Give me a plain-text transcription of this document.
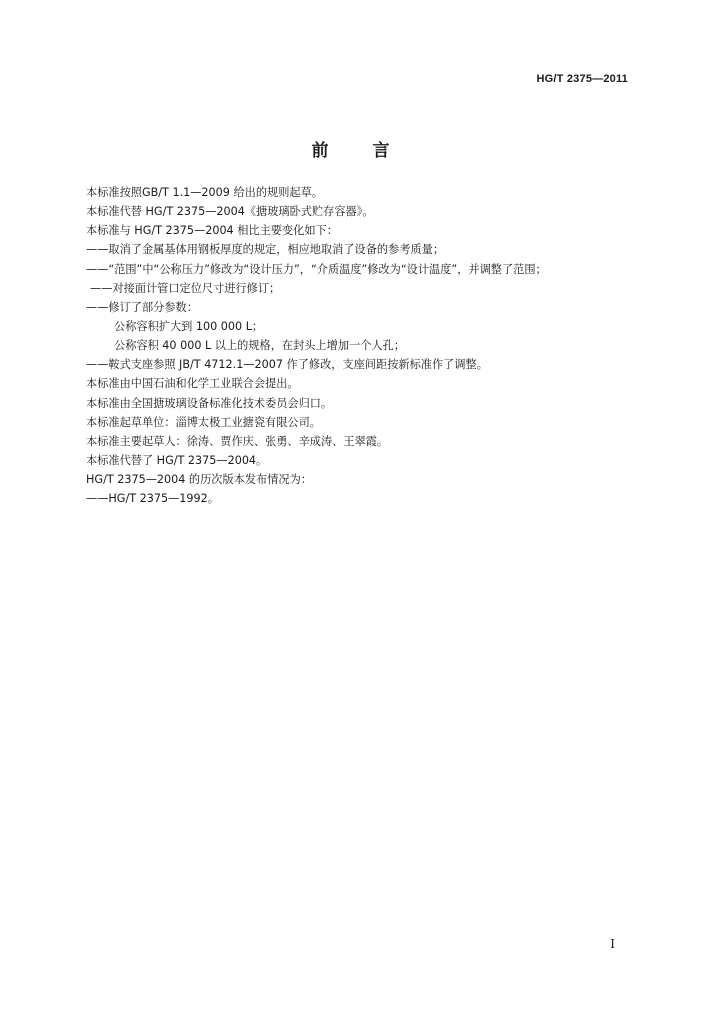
HG/T 2375—2011
前	言
本标准按照GB/T 1.1—2009 给出的规则起草。
本标准代替 HG/T 2375—2004《搪玻璃卧式贮存容器》。
本标准与 HG/T 2375—2004 相比主要变化如下：
——取消了金属基体用钢板厚度的规定，相应地取消了设备的参考质量；
——“范围”中“公称压力”修改为“设计压力”，“介质温度”修改为“设计温度”，并调整了范围；
——对接面计管口定位尺寸进行修订；
——修订了部分参数：
公称容积扩大到 100 000 L；
公称容积 40 000 L 以上的规格，在封头上增加一个人孔；
——鞍式支座参照 JB/T 4712.1—2007 作了修改，支座间距按新标准作了调整。
本标准由中国石油和化学工业联合会提出。
本标准由全国搪玻璃设备标准化技术委员会归口。
本标准起草单位：淄博太极工业搪瓷有限公司。
本标准主要起草人：徐涛、贾作庆、张勇、辛成涛、王翠霞。
本标准代替了 HG/T 2375—2004。
HG/T 2375—2004 的历次版本发布情况为：
——HG/T 2375—1992。
I
